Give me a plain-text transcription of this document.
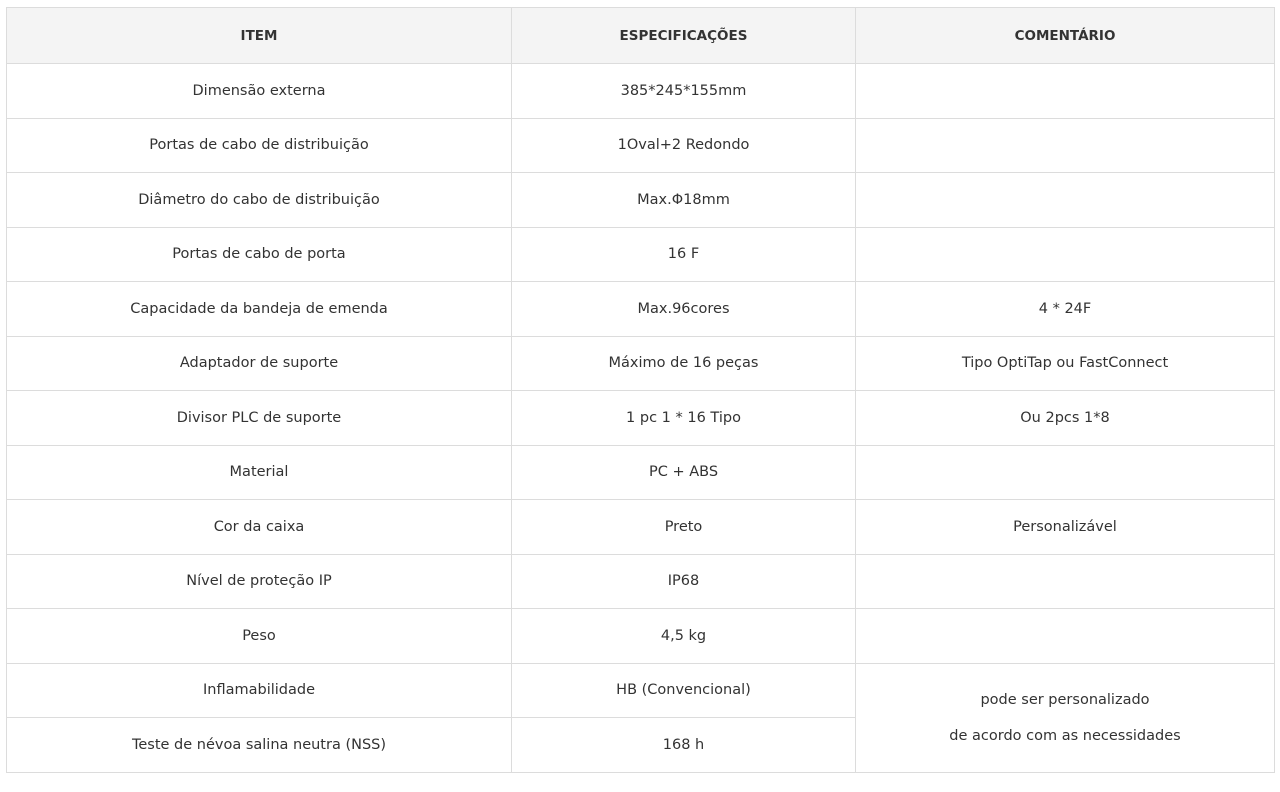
ITEM	ESPECIFICAÇÕES	COMENTÁRIO
Dimensão externa	385*245*155mm	
Portas de cabo de distribuição	1Oval+2 Redondo	
Diâmetro do cabo de distribuição	Max.Φ18mm	
Portas de cabo de porta	16 F	
Capacidade da bandeja de emenda	Max.96cores	4 * 24F
Adaptador de suporte	Máximo de 16 peças	Tipo OptiTap ou FastConnect
Divisor PLC de suporte	1 pc 1 * 16 Tipo	Ou 2pcs 1*8
Material	PC + ABS	
Cor da caixa	Preto	Personalizável
Nível de proteção IP	IP68	
Peso	4,5 kg	
Inflamabilidade	HB (Convencional)	pode ser personalizado
de acordo com as necessidades

Teste de névoa salina neutra (NSS)	168 h	
